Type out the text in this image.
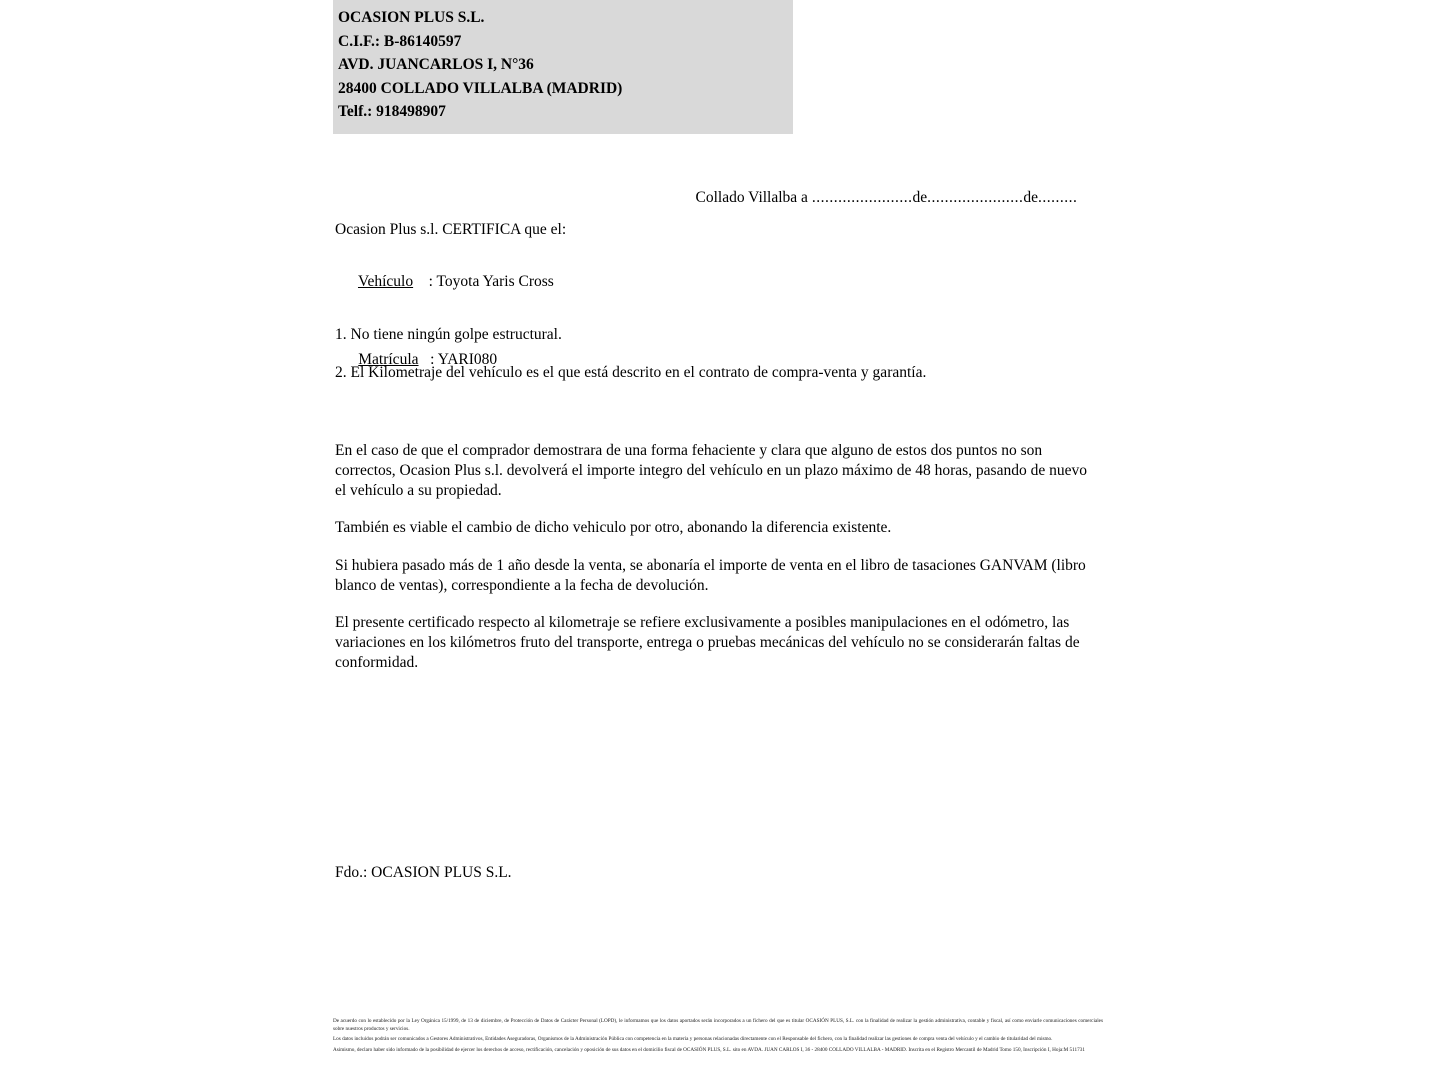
OCASION PLUS S.L.
C.I.F.: B-86140597
AVD. JUANCARLOS I, N°36
28400 COLLADO VILLALBA (MADRID)
Telf.: 918498907

Collado Villalba a .......................de......................de.........

Ocasion Plus s.l. CERTIFICA que el:

Vehículo : Toyota Yaris Cross

Matrícula : YARI080

1. No tiene ningún golpe estructural.
2. El Kilometraje del vehículo es el que está descrito en el contrato de compra-venta y garantía.
En el caso de que el comprador demostrara de una forma fehaciente y clara que alguno de estos dos puntos no son correctos, Ocasion Plus s.l. devolverá el importe integro del vehículo en un plazo máximo de 48 horas, pasando de nuevo el vehículo a su propiedad.
También es viable el cambio de dicho vehiculo por otro, abonando la diferencia existente.
Si hubiera pasado más de 1 año desde la venta, se abonaría el importe de venta en el libro de tasaciones GANVAM (libro blanco de ventas), correspondiente a la fecha de devolución.
El presente certificado respecto al kilometraje se refiere exclusivamente a posibles manipulaciones en el odómetro, las variaciones en los kilómetros fruto del transporte, entrega o pruebas mecánicas del vehículo no se considerarán faltas de conformidad.
Fdo.: OCASION PLUS S.L.

De acuerdo con lo establecido por la Ley Orgánica 15/1999, de 13 de diciembre, de Protección de Datos de Carácter Personal (LOPD), le informamos que los datos aportados serán incorporados a un fichero del que es titular OCASIÓN PLUS, S.L. con la finalidad de realizar la gestión administrativa, contable y fiscal, así como enviarle comunicaciones comerciales sobre nuestros productos y servicios.

Los datos incluidos podrán ser comunicados a Gestores Administrativos, Entidades Aseguradoras, Organismos de la Administración Pública con competencia en la materia y personas relacionadas directamente con el Responsable del fichero, con la finalidad realizar las gestiones de compra venta del vehículo y el cambio de titularidad del mismo.

Asimismo, declaro haber sido informado de la posibilidad de ejercer los derechos de acceso, rectificación, cancelación y oposición de sus datos en el domicilio fiscal de OCASIÓN PLUS, S.L. sito en AVDA. JUAN CARLOS I, 36 - 28400 COLLADO VILLALBA - MADRID. Inscrita en el Registro Mercantil de Madrid Tomo 150, Inscripción I, Hoja:M 511731
